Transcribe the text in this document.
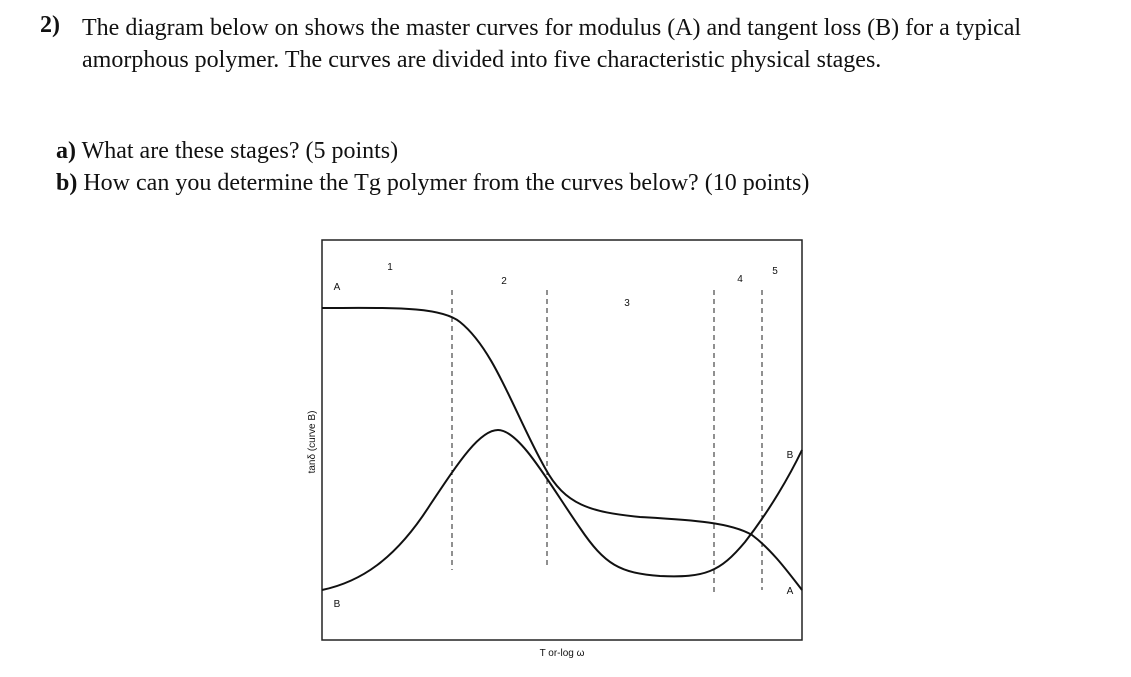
2) The diagram below on shows the master curves for modulus (A) and tangent loss (B) for a typical amorphous polymer. The curves are divided into five characteristic physical stages.
a) What are these stages? (5 points)
b) How can you determine the Tg polymer from the curves below? (10 points)
1
2
3
4
5
A
A
B
B
tanδ (curve B)
T or-log ω
